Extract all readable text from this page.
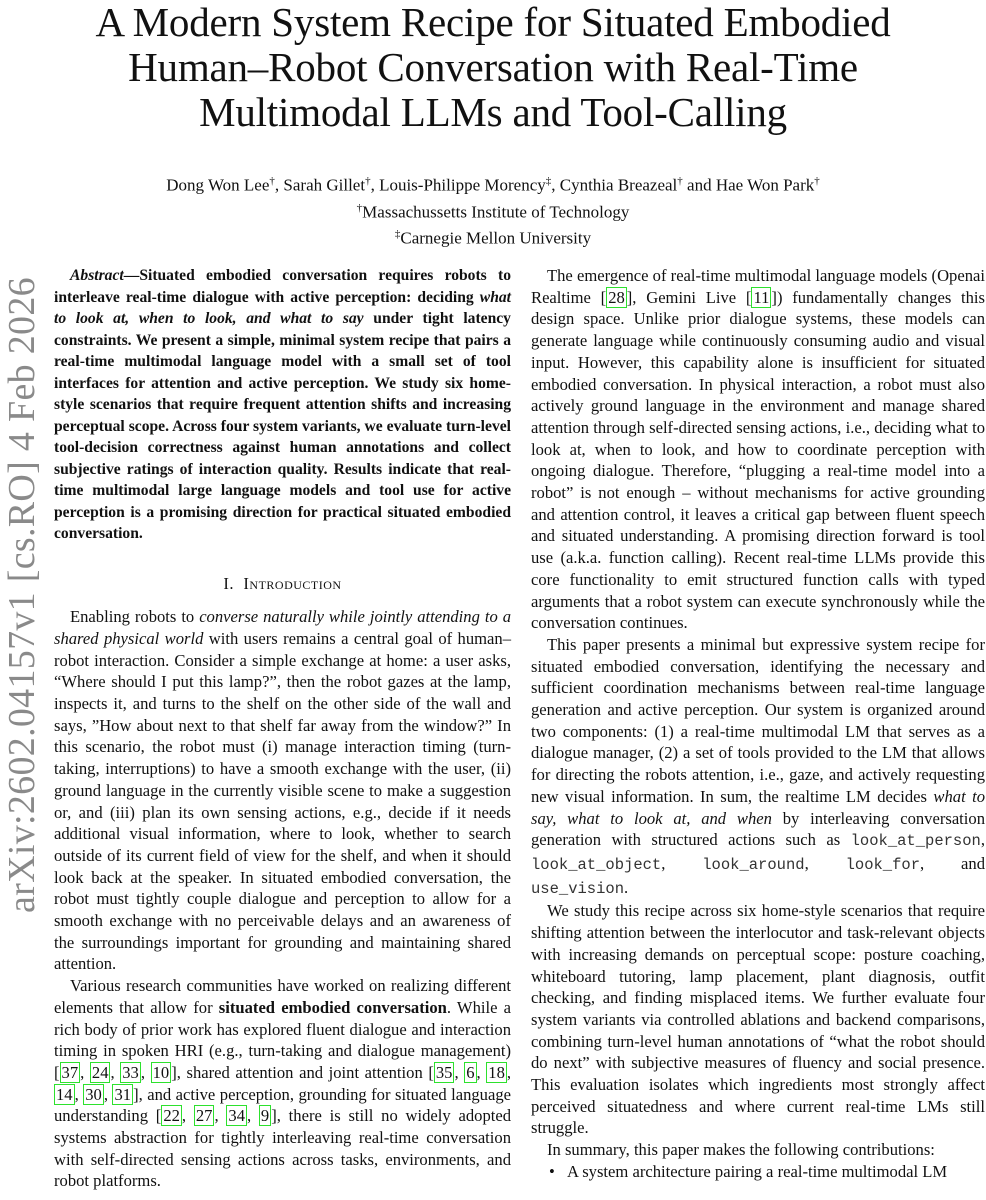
A Modern System Recipe for Situated Embodied
Human–Robot Conversation with Real-Time
Multimodal LLMs and Tool-Calling
Dong Won Lee†, Sarah Gillet†, Louis-Philippe Morency‡, Cynthia Breazeal† and Hae Won Park†
†Massachussetts Institute of Technology
‡Carnegie Mellon University
arXiv:2602.04157v1 [cs.RO] 4 Feb 2026

Abstract—Situated embodied conversation requires robots to interleave real-time dialogue with active perception: deciding what to look at, when to look, and what to say under tight latency constraints. We present a simple, minimal system recipe that pairs a real-time multimodal language model with a small set of tool interfaces for attention and active perception. We study six home-style scenarios that require frequent attention shifts and increasing perceptual scope. Across four system variants, we evaluate turn-level tool-decision correctness against human annotations and collect subjective ratings of interaction quality. Results indicate that real-time multimodal large language models and tool use for active perception is a promising direction for practical situated embodied conversation.

I. Introduction

Enabling robots to converse naturally while jointly attending to a shared physical world with users remains a central goal of human–robot interaction. Consider a simple exchange at home: a user asks, “Where should I put this lamp?”, then the robot gazes at the lamp, inspects it, and turns to the shelf on the other side of the wall and says, ”How about next to that shelf far away from the window?” In this scenario, the robot must (i) manage interaction timing (turn-taking, interruptions) to have a smooth exchange with the user, (ii) ground language in the currently visible scene to make a suggestion or, and (iii) plan its own sensing actions, e.g., decide if it needs additional visual information, where to look, whether to search outside of its current field of view for the shelf, and when it should look back at the speaker. In situated embodied conversation, the robot must tightly couple dialogue and perception to allow for a smooth exchange with no perceivable delays and an awareness of the surroundings important for grounding and maintaining shared attention.

Various research communities have worked on realizing different elements that allow for situated embodied conversation. While a rich body of prior work has explored fluent dialogue and interaction timing in spoken HRI (e.g., turn-taking and dialogue management) [ 37 , 24 , 33 , 10 ], shared attention and joint attention [ 35 , 6 , 18 , 14 , 30 , 31 ], and active perception, grounding for situated language understanding [ 22 , 27 , 34 , 9 ], there is still no widely adopted systems abstraction for tightly interleaving real-time conversation with self-directed sensing actions across tasks, environments, and robot platforms.

The emergence of real-time multimodal language models (Openai Realtime [ 28 ], Gemini Live [ 11 ]) fundamentally changes this design space. Unlike prior dialogue systems, these models can generate language while continuously consuming audio and visual input. However, this capability alone is insufficient for situated embodied conversation. In physical interaction, a robot must also actively ground language in the environment and manage shared attention through self-directed sensing actions, i.e., deciding what to look at, when to look, and how to coordinate perception with ongoing dialogue. Therefore, “plugging a real-time model into a robot” is not enough – without mechanisms for active grounding and attention control, it leaves a critical gap between fluent speech and situated understanding. A promising direction forward is tool use (a.k.a. function calling). Recent real-time LLMs provide this core functionality to emit structured function calls with typed arguments that a robot system can execute synchronously while the conversation continues.

This paper presents a minimal but expressive system recipe for situated embodied conversation, identifying the necessary and sufficient coordination mechanisms between real-time language generation and active perception. Our system is organized around two components: (1) a real-time multimodal LM that serves as a dialogue manager, (2) a set of tools provided to the LM that allows for directing the robots attention, i.e., gaze, and actively requesting new visual information. In sum, the realtime LM decides what to say, what to look at, and when by interleaving conversation generation with structured actions such as look_at_person, look_at_object, look_around, look_for, and use_vision.

We study this recipe across six home-style scenarios that require shifting attention between the interlocutor and task-relevant objects with increasing demands on perceptual scope: posture coaching, whiteboard tutoring, lamp placement, plant diagnosis, outfit checking, and finding misplaced items. We further evaluate four system variants via controlled ablations and backend comparisons, combining turn-level human annotations of “what the robot should do next” with subjective measures of fluency and social presence. This evaluation isolates which ingredients most strongly affect perceived situatedness and where current real-time LMs still struggle.

In summary, this paper makes the following contributions:

• A system architecture pairing a real-time multimodal LM
